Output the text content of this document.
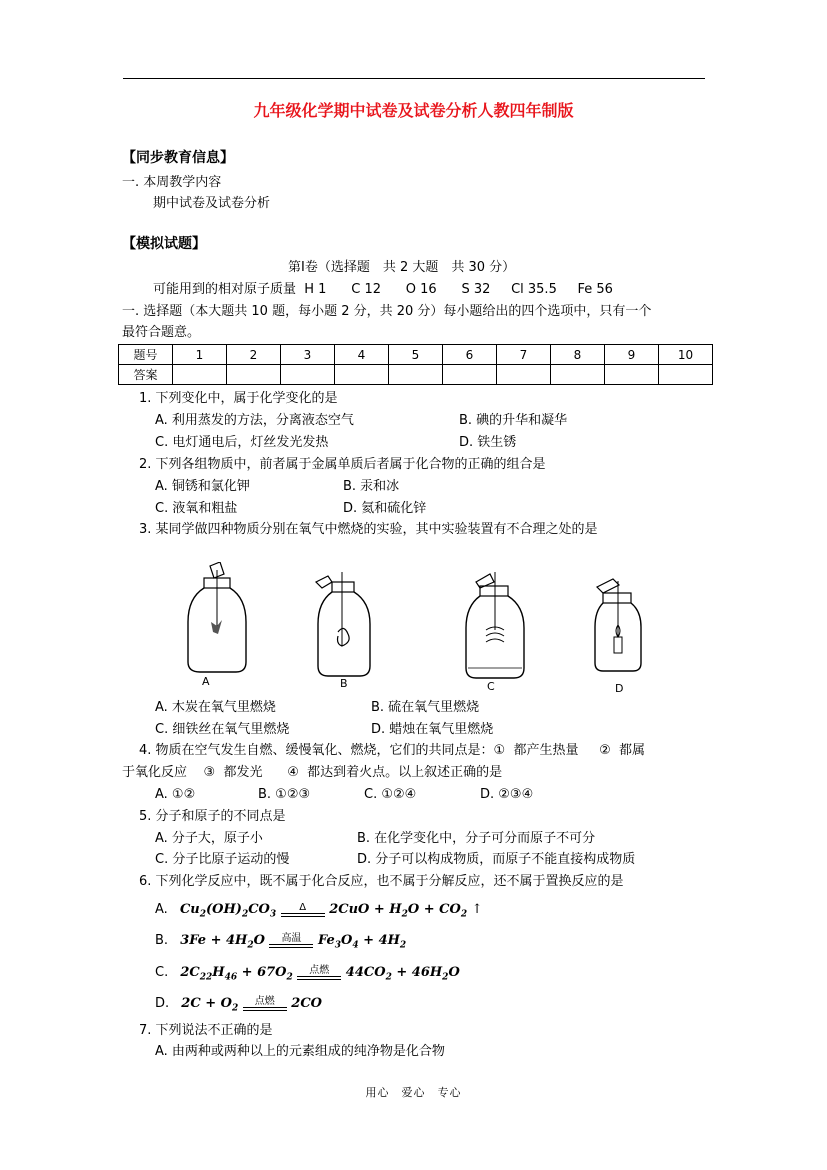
九年级化学期中试卷及试卷分析人教四年制版
【同步教育信息】
一. 本周教学内容
期中试卷及试卷分析
【模拟试题】
第Ⅰ卷（选择题　共 2 大题　共 30 分）
可能用到的相对原子质量  H 1      C 12      O 16      S 32     Cl 35.5     Fe 56
一. 选择题（本大题共 10 题，每小题 2 分，共 20 分）每小题给出的四个选项中，只有一个
最符合题意。
题号	1	2	3	4	5	6	7	8	9	10
答案										
1. 下列变化中，属于化学变化的是
A. 利用蒸发的方法，分离液态空气	B. 碘的升华和凝华
C. 电灯通电后，灯丝发光发热	D. 铁生锈
2. 下列各组物质中，前者属于金属单质后者属于化合物的正确的组合是
A. 铜锈和氯化钾	B. 汞和冰
C. 液氧和粗盐	D. 氦和硫化锌
3. 某同学做四种物质分别在氧气中燃烧的实验，其中实验装置有不合理之处的是
A	B	C	D
A. 木炭在氧气里燃烧	B. 硫在氧气里燃烧
C. 细铁丝在氧气里燃烧	D. 蜡烛在氧气里燃烧
4. 物质在空气发生自燃、缓慢氧化、燃烧，它们的共同点是：①  都产生热量     ②  都属
于氧化反应    ③  都发光      ④  都达到着火点。以上叙述正确的是
A. ①②	B. ①②③	C. ①②④	D. ②③④
5. 分子和原子的不同点是
A. 分子大，原子小	B. 在化学变化中，分子可分而原子不可分
C. 分子比原子运动的慢	D. 分子可以构成物质，而原子不能直接构成物质
6. 下列化学反应中，既不属于化合反应，也不属于分解反应，还不属于置换反应的是
A. $Cu_2(OH)_2CO_3$
Δ	$2CuO + H_2O + CO_2$ ↑
B. $3Fe + 4H_2O$	高温 $Fe_3O_4 + 4H_2$
C. $2C_{22}H_{46} + 67O_2$
点燃 $44CO_2 + 46H_2O$
D. $2C + O_2$
点燃 2CO
7. 下列说法不正确的是
A. 由两种或两种以上的元素组成的纯净物是化合物
用心　爱心　专心
